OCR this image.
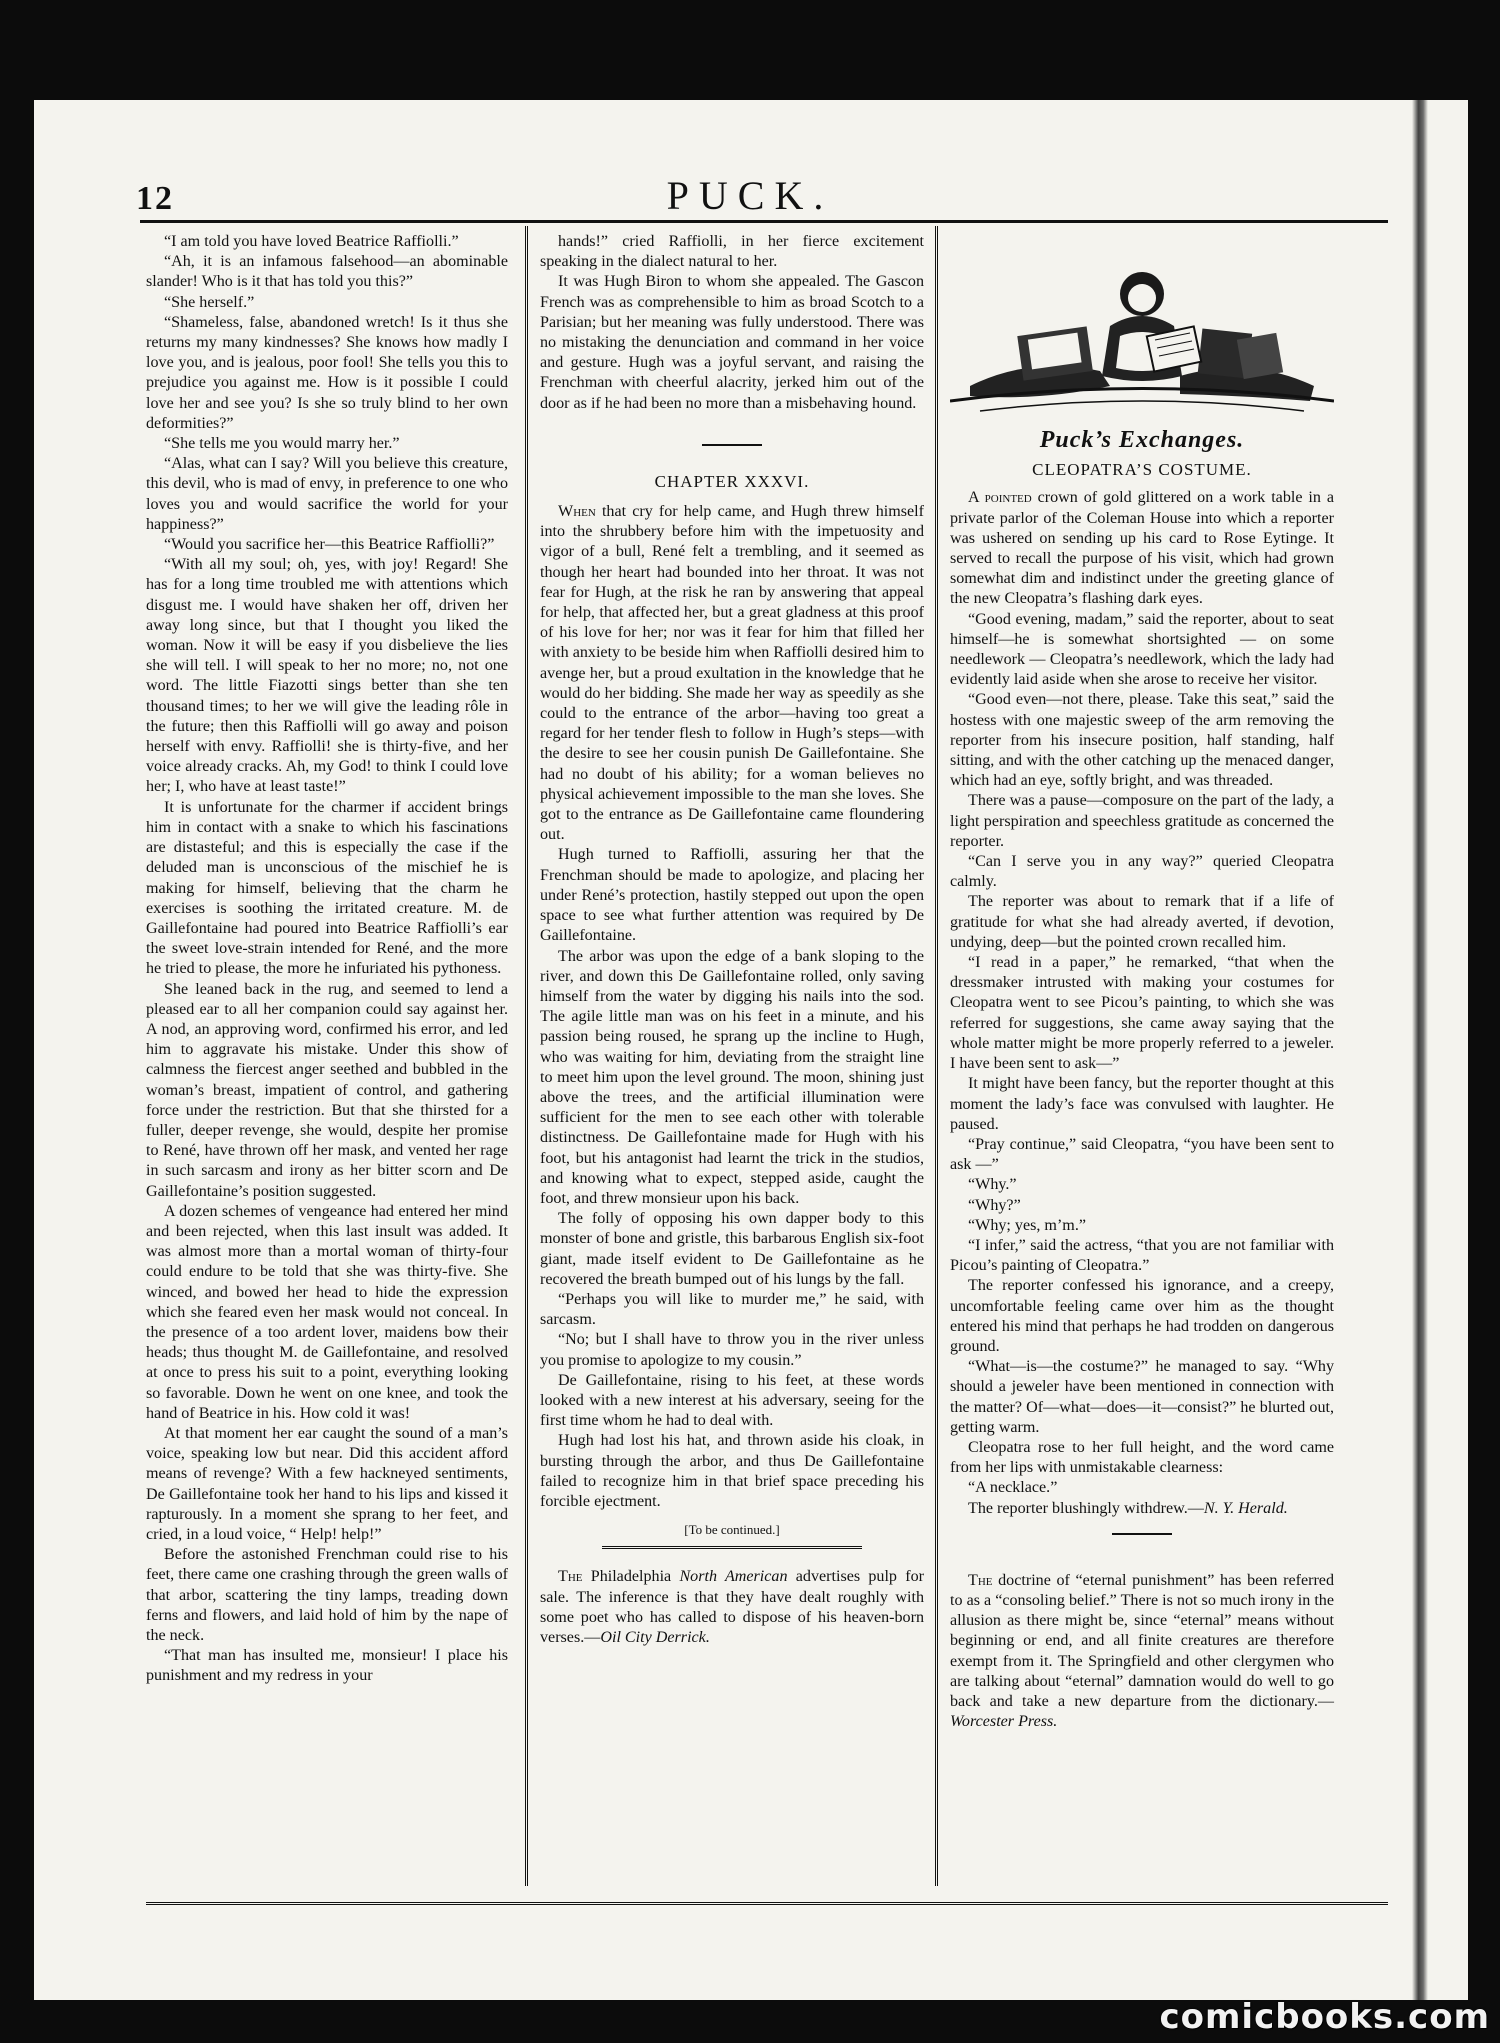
12	PUCK.

“I am told you have loved Beatrice Raffiolli.”

“Ah, it is an infamous falsehood—an abominable slander! Who is it that has told you this?”

“She herself.”

“Shameless, false, abandoned wretch! Is it thus she returns my many kindnesses? She knows how madly I love you, and is jealous, poor fool! She tells you this to prejudice you against me. How is it possible I could love her and see you? Is she so truly blind to her own deformities?”

“She tells me you would marry her.”

“Alas, what can I say? Will you believe this creature, this devil, who is mad of envy, in preference to one who loves you and would sacrifice the world for your happiness?”

“Would you sacrifice her—this Beatrice Raffiolli?”

“With all my soul; oh, yes, with joy! Regard! She has for a long time troubled me with attentions which disgust me. I would have shaken her off, driven her away long since, but that I thought you liked the woman. Now it will be easy if you disbelieve the lies she will tell. I will speak to her no more; no, not one word. The little Fiazotti sings better than she ten thousand times; to her we will give the leading rôle in the future; then this Raffiolli will go away and poison herself with envy. Raffiolli! she is thirty-five, and her voice already cracks. Ah, my God! to think I could love her; I, who have at least taste!”

It is unfortunate for the charmer if accident brings him in contact with a snake to which his fascinations are distasteful; and this is especially the case if the deluded man is unconscious of the mischief he is making for himself, believing that the charm he exercises is soothing the irritated creature. M. de Gaillefontaine had poured into Beatrice Raffiolli’s ear the sweet love-strain intended for René, and the more he tried to please, the more he infuriated his pythoness.

She leaned back in the rug, and seemed to lend a pleased ear to all her companion could say against her. A nod, an approving word, confirmed his error, and led him to aggravate his mistake. Under this show of calmness the fiercest anger seethed and bubbled in the woman’s breast, impatient of control, and gathering force under the restriction. But that she thirsted for a fuller, deeper revenge, she would, despite her promise to René, have thrown off her mask, and vented her rage in such sarcasm and irony as her bitter scorn and De Gaillefontaine’s position suggested.

A dozen schemes of vengeance had entered her mind and been rejected, when this last insult was added. It was almost more than a mortal woman of thirty-four could endure to be told that she was thirty-five. She winced, and bowed her head to hide the expression which she feared even her mask would not conceal. In the presence of a too ardent lover, maidens bow their heads; thus thought M. de Gaillefontaine, and resolved at once to press his suit to a point, everything looking so favorable. Down he went on one knee, and took the hand of Beatrice in his. How cold it was!

At that moment her ear caught the sound of a man’s voice, speaking low but near. Did this accident afford means of revenge? With a few hackneyed sentiments, De Gaillefontaine took her hand to his lips and kissed it rapturously. In a moment she sprang to her feet, and cried, in a loud voice, “ Help! help!”

Before the astonished Frenchman could rise to his feet, there came one crashing through the green walls of that arbor, scattering the tiny lamps, treading down ferns and flowers, and laid hold of him by the nape of the neck.

“That man has insulted me, monsieur! I place his punishment and my redress in your

hands!” cried Raffiolli, in her fierce excitement speaking in the dialect natural to her.

It was Hugh Biron to whom she appealed. The Gascon French was as comprehensible to him as broad Scotch to a Parisian; but her meaning was fully understood. There was no mistaking the denunciation and command in her voice and gesture. Hugh was a joyful servant, and raising the Frenchman with cheerful alacrity, jerked him out of the door as if he had been no more than a misbehaving hound.

CHAPTER XXXVI.

When that cry for help came, and Hugh threw himself into the shrubbery before him with the impetuosity and vigor of a bull, René felt a trembling, and it seemed as though her heart had bounded into her throat. It was not fear for Hugh, at the risk he ran by answering that appeal for help, that affected her, but a great gladness at this proof of his love for her; nor was it fear for him that filled her with anxiety to be beside him when Raffiolli desired him to avenge her, but a proud exultation in the knowledge that he would do her bidding. She made her way as speedily as she could to the entrance of the arbor—having too great a regard for her tender flesh to follow in Hugh’s steps—with the desire to see her cousin punish De Gaillefontaine. She had no doubt of his ability; for a woman believes no physical achievement impossible to the man she loves. She got to the entrance as De Gaillefontaine came floundering out.

Hugh turned to Raffiolli, assuring her that the Frenchman should be made to apologize, and placing her under René’s protection, hastily stepped out upon the open space to see what further attention was required by De Gaillefontaine.

The arbor was upon the edge of a bank sloping to the river, and down this De Gaillefontaine rolled, only saving himself from the water by digging his nails into the sod. The agile little man was on his feet in a minute, and his passion being roused, he sprang up the incline to Hugh, who was waiting for him, deviating from the straight line to meet him upon the level ground. The moon, shining just above the trees, and the artificial illumination were sufficient for the men to see each other with tolerable distinctness. De Gaillefontaine made for Hugh with his foot, but his antagonist had learnt the trick in the studios, and knowing what to expect, stepped aside, caught the foot, and threw monsieur upon his back.

The folly of opposing his own dapper body to this monster of bone and gristle, this barbarous English six-foot giant, made itself evident to De Gaillefontaine as he recovered the breath bumped out of his lungs by the fall.

“Perhaps you will like to murder me,” he said, with sarcasm.

“No; but I shall have to throw you in the river unless you promise to apologize to my cousin.”

De Gaillefontaine, rising to his feet, at these words looked with a new interest at his adversary, seeing for the first time whom he had to deal with.

Hugh had lost his hat, and thrown aside his cloak, in bursting through the arbor, and thus De Gaillefontaine failed to recognize him in that brief space preceding his forcible ejectment.

[To be continued.]

The Philadelphia North American advertises pulp for sale. The inference is that they have dealt roughly with some poet who has called to dispose of his heaven-born verses.—Oil City Derrick.

Puck’s Exchanges.
CLEOPATRA’S COSTUME.

A pointed crown of gold glittered on a work table in a private parlor of the Coleman House into which a reporter was ushered on sending up his card to Rose Eytinge. It served to recall the purpose of his visit, which had grown somewhat dim and indistinct under the greeting glance of the new Cleopatra’s flashing dark eyes.

“Good evening, madam,” said the reporter, about to seat himself—he is somewhat shortsighted — on some needlework — Cleopatra’s needlework, which the lady had evidently laid aside when she arose to receive her visitor.

“Good even—not there, please. Take this seat,” said the hostess with one majestic sweep of the arm removing the reporter from his insecure position, half standing, half sitting, and with the other catching up the menaced danger, which had an eye, softly bright, and was threaded.

There was a pause—composure on the part of the lady, a light perspiration and speechless gratitude as concerned the reporter.

“Can I serve you in any way?” queried Cleopatra calmly.

The reporter was about to remark that if a life of gratitude for what she had already averted, if devotion, undying, deep—but the pointed crown recalled him.

“I read in a paper,” he remarked, “that when the dressmaker intrusted with making your costumes for Cleopatra went to see Picou’s painting, to which she was referred for suggestions, she came away saying that the whole matter might be more properly referred to a jeweler. I have been sent to ask—”

It might have been fancy, but the reporter thought at this moment the lady’s face was convulsed with laughter. He paused.

“Pray continue,” said Cleopatra, “you have been sent to ask —”

“Why.”

“Why?”

“Why; yes, m’m.”

“I infer,” said the actress, “that you are not familiar with Picou’s painting of Cleopatra.”

The reporter confessed his ignorance, and a creepy, uncomfortable feeling came over him as the thought entered his mind that perhaps he had trodden on dangerous ground.

“What—is—the costume?” he managed to say. “Why should a jeweler have been mentioned in connection with the matter? Of—what—does—it—consist?” he blurted out, getting warm.

Cleopatra rose to her full height, and the word came from her lips with unmistakable clearness:

“A necklace.”

The reporter blushingly withdrew.—N. Y. Herald.

The doctrine of “eternal punishment” has been referred to as a “consoling belief.” There is not so much irony in the allusion as there might be, since “eternal” means without beginning or end, and all finite creatures are therefore exempt from it. The Springfield and other clergymen who are talking about “eternal” damnation would do well to go back and take a new departure from the dictionary.—Worcester Press.

comicbooks.com
